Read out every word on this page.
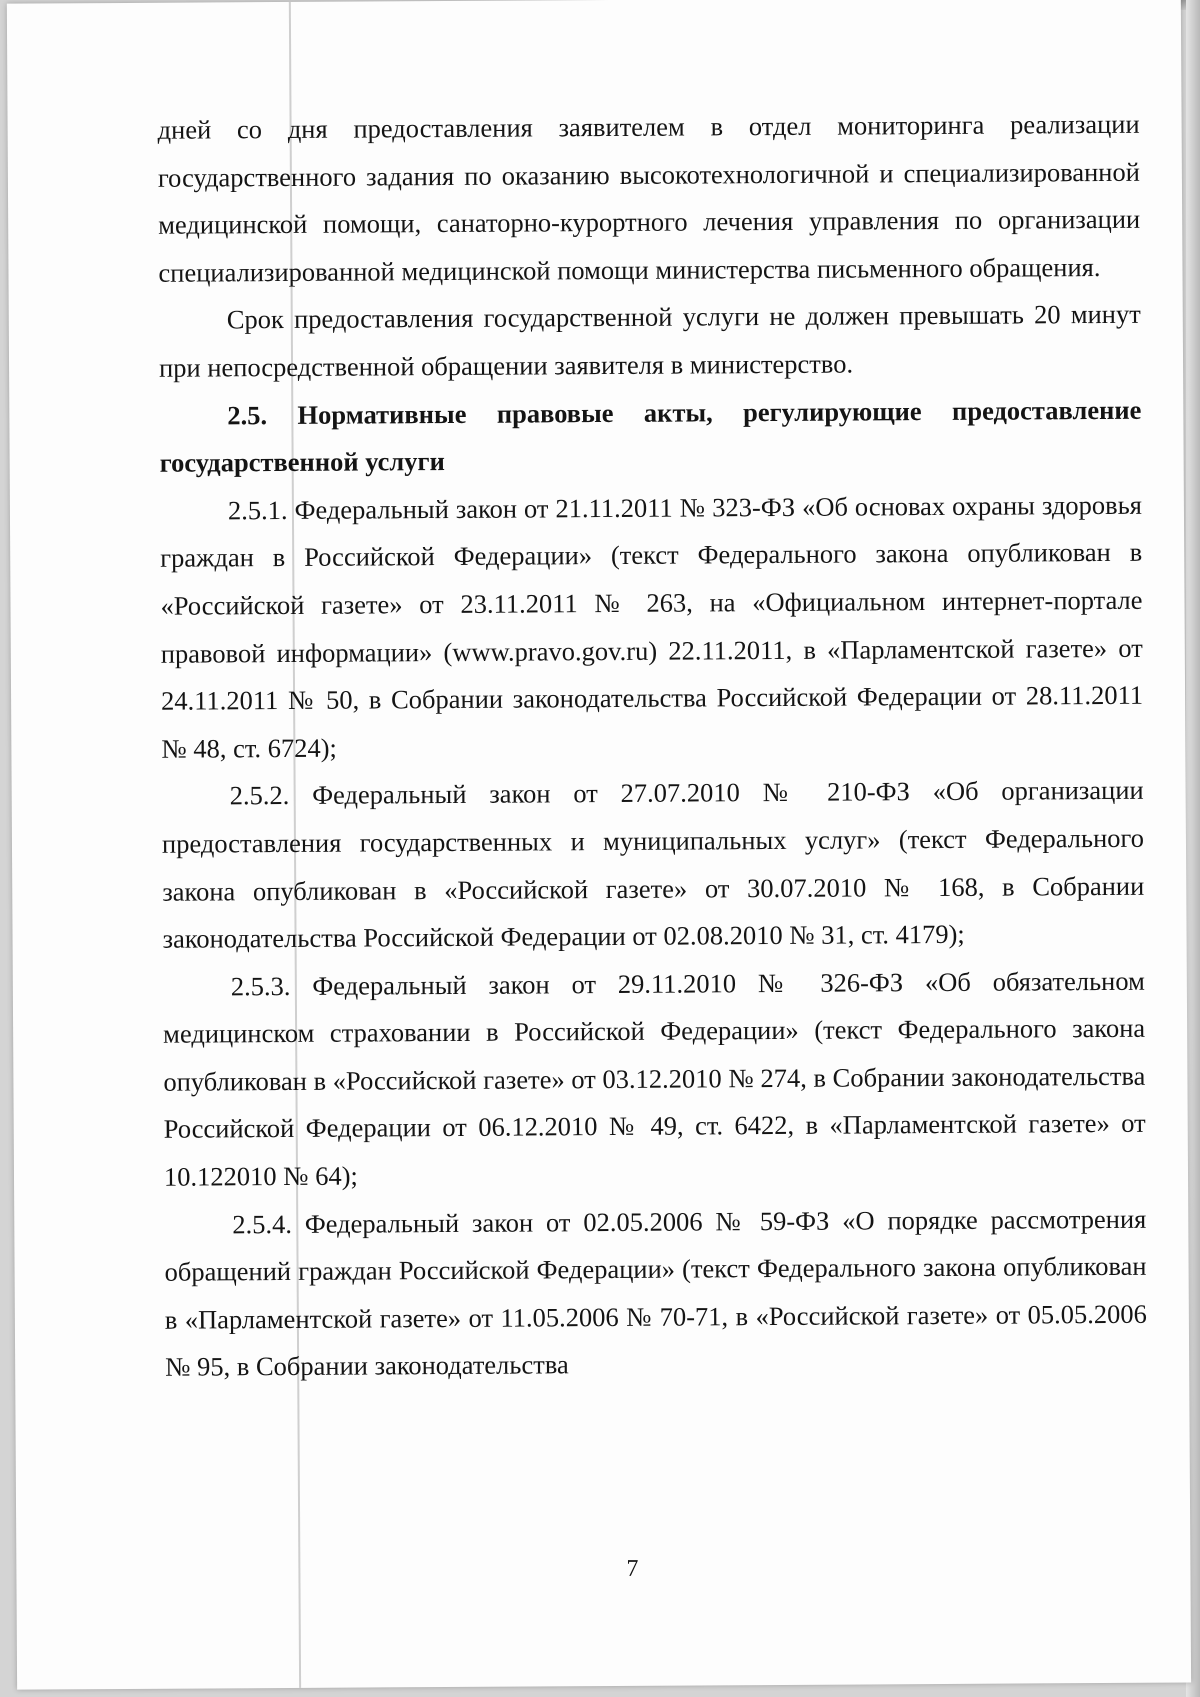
дней со дня предоставления заявителем в отдел мониторинга реализации государственного задания по оказанию высокотехнологичной и специализированной медицинской помощи, санаторно-курортного лечения управления по организации специализированной медицинской помощи министерства письменного обращения.

Срок предоставления государственной услуги не должен превышать 20 минут при непосредственной обращении заявителя в министерство.

2.5. Нормативные правовые акты, регулирующие предоставление государственной услуги

2.5.1. Федеральный закон от 21.11.2011 № 323-ФЗ «Об основах охраны здоровья граждан в Российской Федерации» (текст Федерального закона опубликован в «Российской газете» от 23.11.2011 № 263, на «Официальном интернет-портале правовой информации» (www.pravo.gov.ru) 22.11.2011, в «Парламентской газете» от 24.11.2011 № 50, в Собрании законодательства Российской Федерации от 28.11.2011 № 48, ст. 6724);

2.5.2. Федеральный закон от 27.07.2010 № 210-ФЗ «Об организации предоставления государственных и муниципальных услуг» (текст Федерального закона опубликован в «Российской газете» от 30.07.2010 № 168, в Собрании законодательства Российской Федерации от 02.08.2010 № 31, ст. 4179);

2.5.3. Федеральный закон от 29.11.2010 № 326-ФЗ «Об обязательном медицинском страховании в Российской Федерации» (текст Федерального закона опубликован в «Российской газете» от 03.12.2010 № 274, в Собрании законодательства Российской Федерации от 06.12.2010 № 49, ст. 6422, в «Парламентской газете» от 10.122010 № 64);

2.5.4. Федеральный закон от 02.05.2006 № 59-ФЗ «О порядке рассмотрения обращений граждан Российской Федерации» (текст Федерального закона опубликован в «Парламентской газете» от 11.05.2006 № 70-71, в «Российской газете» от 05.05.2006 № 95, в Собрании законодательства

7
